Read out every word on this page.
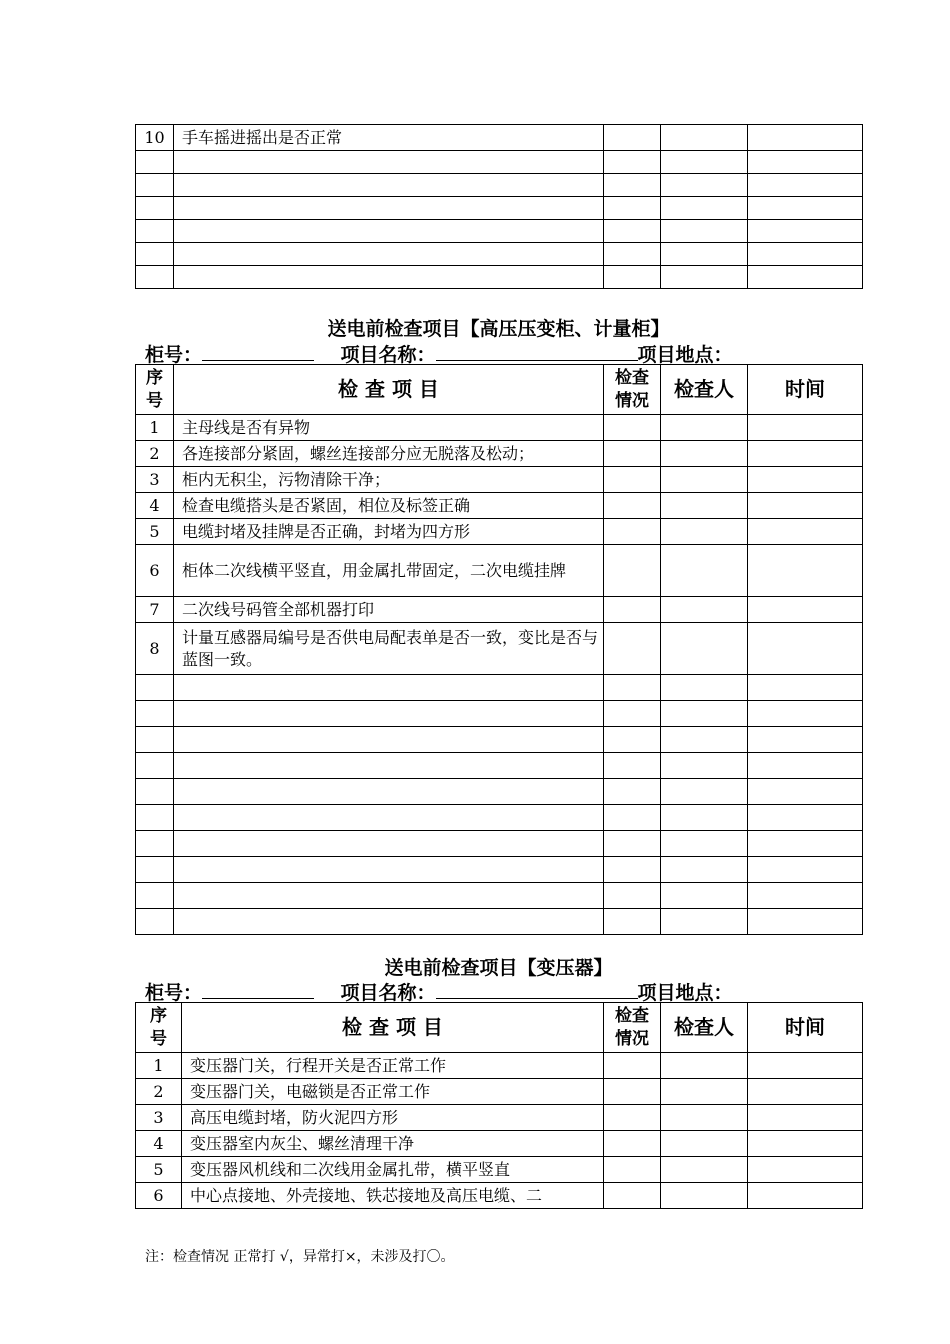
10	手车摇进摇出是否正常			

送电前检查项目【高压压变柜、计量柜】
柜号：	项目名称：	项目地点：
序号	检 查 项 目	检查情况	检查人	时间
1	主母线是否有异物			
2	各连接部分紧固，螺丝连接部分应无脱落及松动；			
3	柜内无积尘，污物清除干净；			
4	检查电缆搭头是否紧固，相位及标签正确			
5	电缆封堵及挂牌是否正确，封堵为四方形			
6	柜体二次线横平竖直，用金属扎带固定，二次电缆挂牌			
7	二次线号码管全部机器打印			
8	计量互感器局编号是否供电局配表单是否一致，变比是否与蓝图一致。			

送电前检查项目【变压器】
柜号：	项目名称：	项目地点：
序号	检 查 项 目	检查情况	检查人	时间
1	变压器门关，行程开关是否正常工作			
2	变压器门关，电磁锁是否正常工作			
3	高压电缆封堵，防火泥四方形			
4	变压器室内灰尘、螺丝清理干净			
5	变压器风机线和二次线用金属扎带，横平竖直			
6	中心点接地、外壳接地、铁芯接地及高压电缆、二			
注：检查情况 正常打 √，异常打×，未涉及打〇。
